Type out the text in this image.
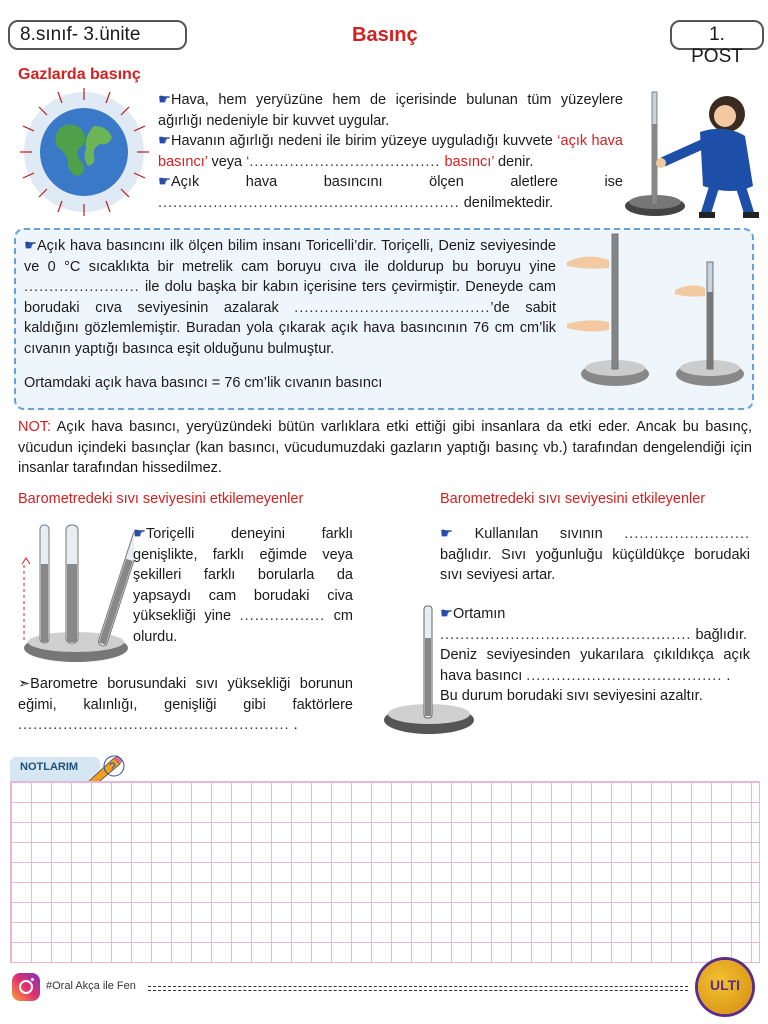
8.sınıf- 3.ünite	Basınç	1. POST
Gazlarda basınç
☛Hava, hem yeryüzüne hem de içerisinde bulunan tüm yüzeylere ağırlığı nedeniyle bir kuvvet uygular.
☛Havanın ağırlığı nedeni ile birim yüzeye uyguladığı kuvvete ‘açık hava basıncı’ veya ‘...................................... basıncı’ denir.
☛Açık hava basıncını ölçen aletlere ise ............................................................ denilmektedir.
☛Açık hava basıncını ilk ölçen bilim insanı Toricelli’dir. Toriçelli, Deniz seviyesinde ve 0 °C sıcaklıkta bir metrelik cam boruyu cıva ile doldurup bu boruyu yine ....................... ile dolu başka bir kabın içerisine ters çevirmiştir. Deneyde cam borudaki cıva seviyesinin azalarak .......................................’de sabit kaldığını gözlemlemiştir. Buradan yola çıkarak açık hava basıncının 76 cm cm’lik cıvanın yaptığı basınca eşit olduğunu bulmuştur.
Ortamdaki açık hava basıncı = 76 cm’lik cıvanın basıncı
NOT: Açık hava basıncı, yeryüzündeki bütün varlıklara etki ettiği gibi insanlara da etki eder. Ancak bu basınç, vücudun içindeki basınçlar (kan basıncı, vücudumuzdaki gazların yaptığı basınç vb.) tarafından dengelendiği için insanlar tarafından hissedilmez.
Barometredeki sıvı seviyesini etkilemeyenler
☛Toriçelli deneyini farklı genişlikte, farklı eğimde veya şekilleri farklı borularla da yapsaydı cam borudaki civa yüksekliği yine ................. cm olurdu.
➣Barometre borusundaki sıvı yüksekliği borunun eğimi, kalınlığı, genişliği gibi faktörlere ...................................................... .
Barometredeki sıvı seviyesini etkileyenler
☛ Kullanılan sıvının ......................... bağlıdır. Sıvı yoğunluğu küçüldükçe borudaki sıvı seviyesi artar.
☛Ortamın .................................................. bağlıdır.
Deniz seviyesinden yukarılara çıkıldıkça açık hava basıncı ....................................... .
Bu durum borudaki sıvı seviyesini azaltır.
NOTLARIM	?
#Oral Akça ile Fen	ULTI
